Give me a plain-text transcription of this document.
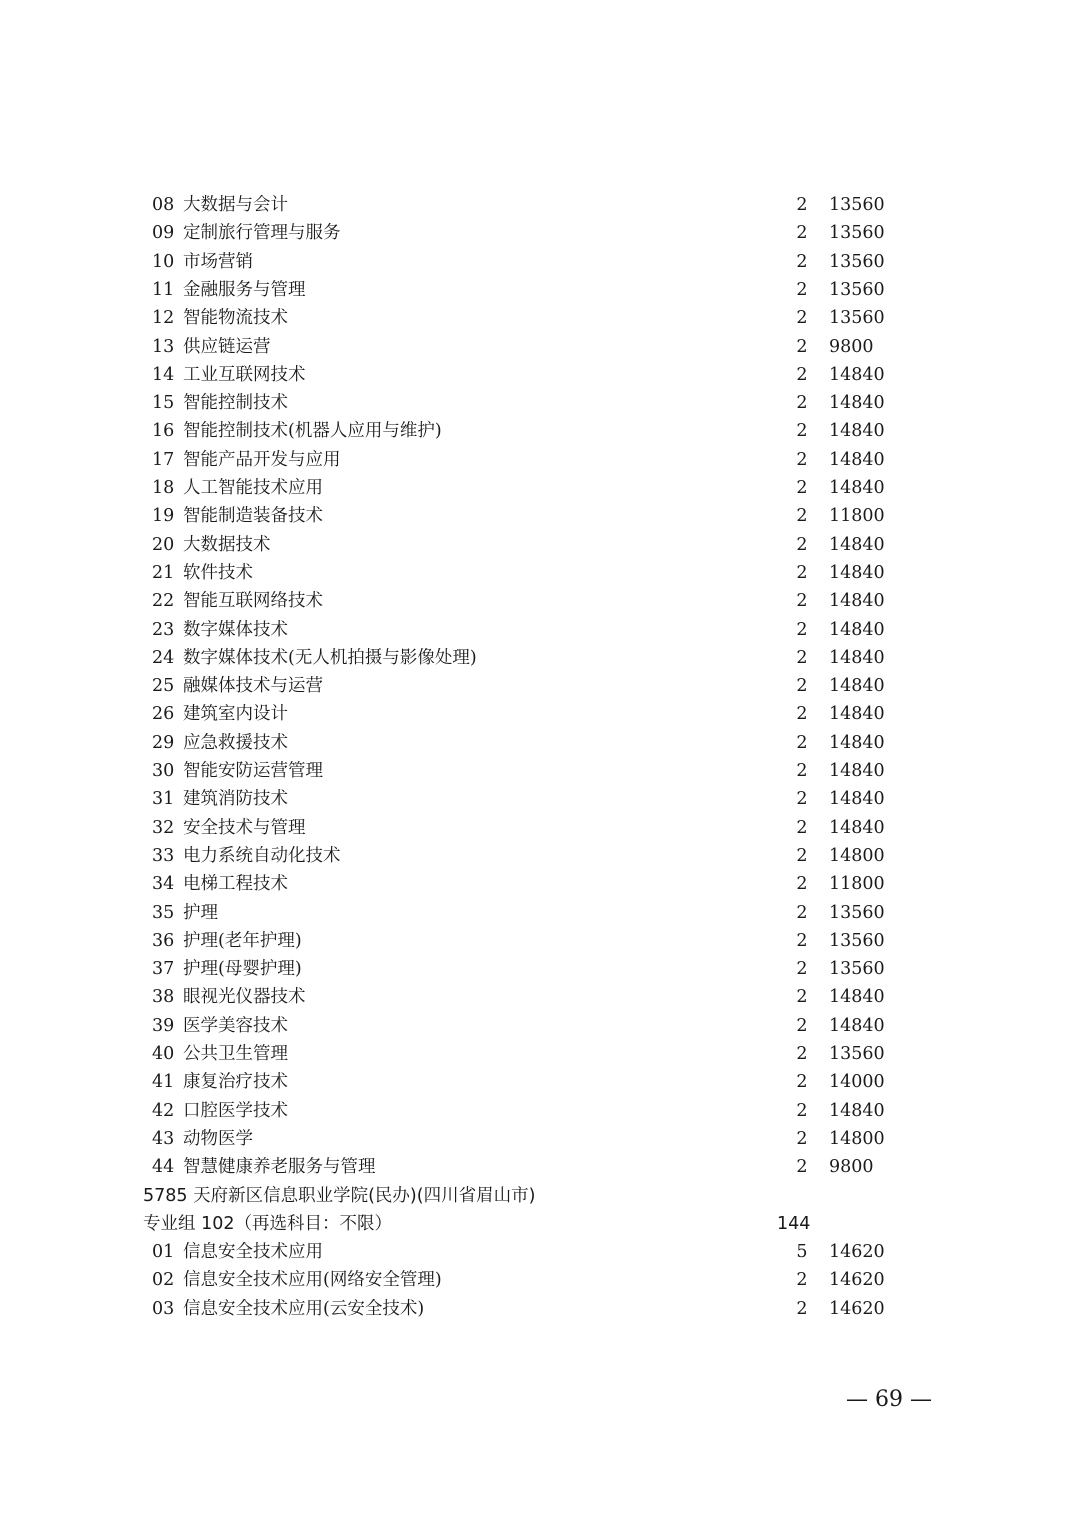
08 大数据与会计	2 13560
09 定制旅行管理与服务	2 13560
10 市场营销	2 13560
11 金融服务与管理	2 13560
12 智能物流技术	2 13560
13 供应链运营	2 9800
14 工业互联网技术	2 14840
15 智能控制技术	2 14840
16 智能控制技术(机器人应用与维护)	2 14840
17 智能产品开发与应用	2 14840
18 人工智能技术应用	2 14840
19 智能制造装备技术	2 11800
20 大数据技术	2 14840
21 软件技术	2 14840
22 智能互联网络技术	2 14840
23 数字媒体技术	2 14840
24 数字媒体技术(无人机拍摄与影像处理)	2 14840
25 融媒体技术与运营	2 14840
26 建筑室内设计	2 14840
29 应急救援技术	2 14840
30 智能安防运营管理	2 14840
31 建筑消防技术	2 14840
32 安全技术与管理	2 14840
33 电力系统自动化技术	2 14800
34 电梯工程技术	2 11800
35 护理	2 13560
36 护理(老年护理)	2 13560
37 护理(母婴护理)	2 13560
38 眼视光仪器技术	2 14840
39 医学美容技术	2 14840
40 公共卫生管理	2 13560
41 康复治疗技术	2 14000
42 口腔医学技术	2 14840
43 动物医学	2 14800
44 智慧健康养老服务与管理	2 9800
5785 天府新区信息职业学院(民办)(四川省眉山市)
专业组 102（再选科目：不限）	144
01 信息安全技术应用	5 14620
02 信息安全技术应用(网络安全管理)	2 14620
03 信息安全技术应用(云安全技术)	2 14620
— 69 —
